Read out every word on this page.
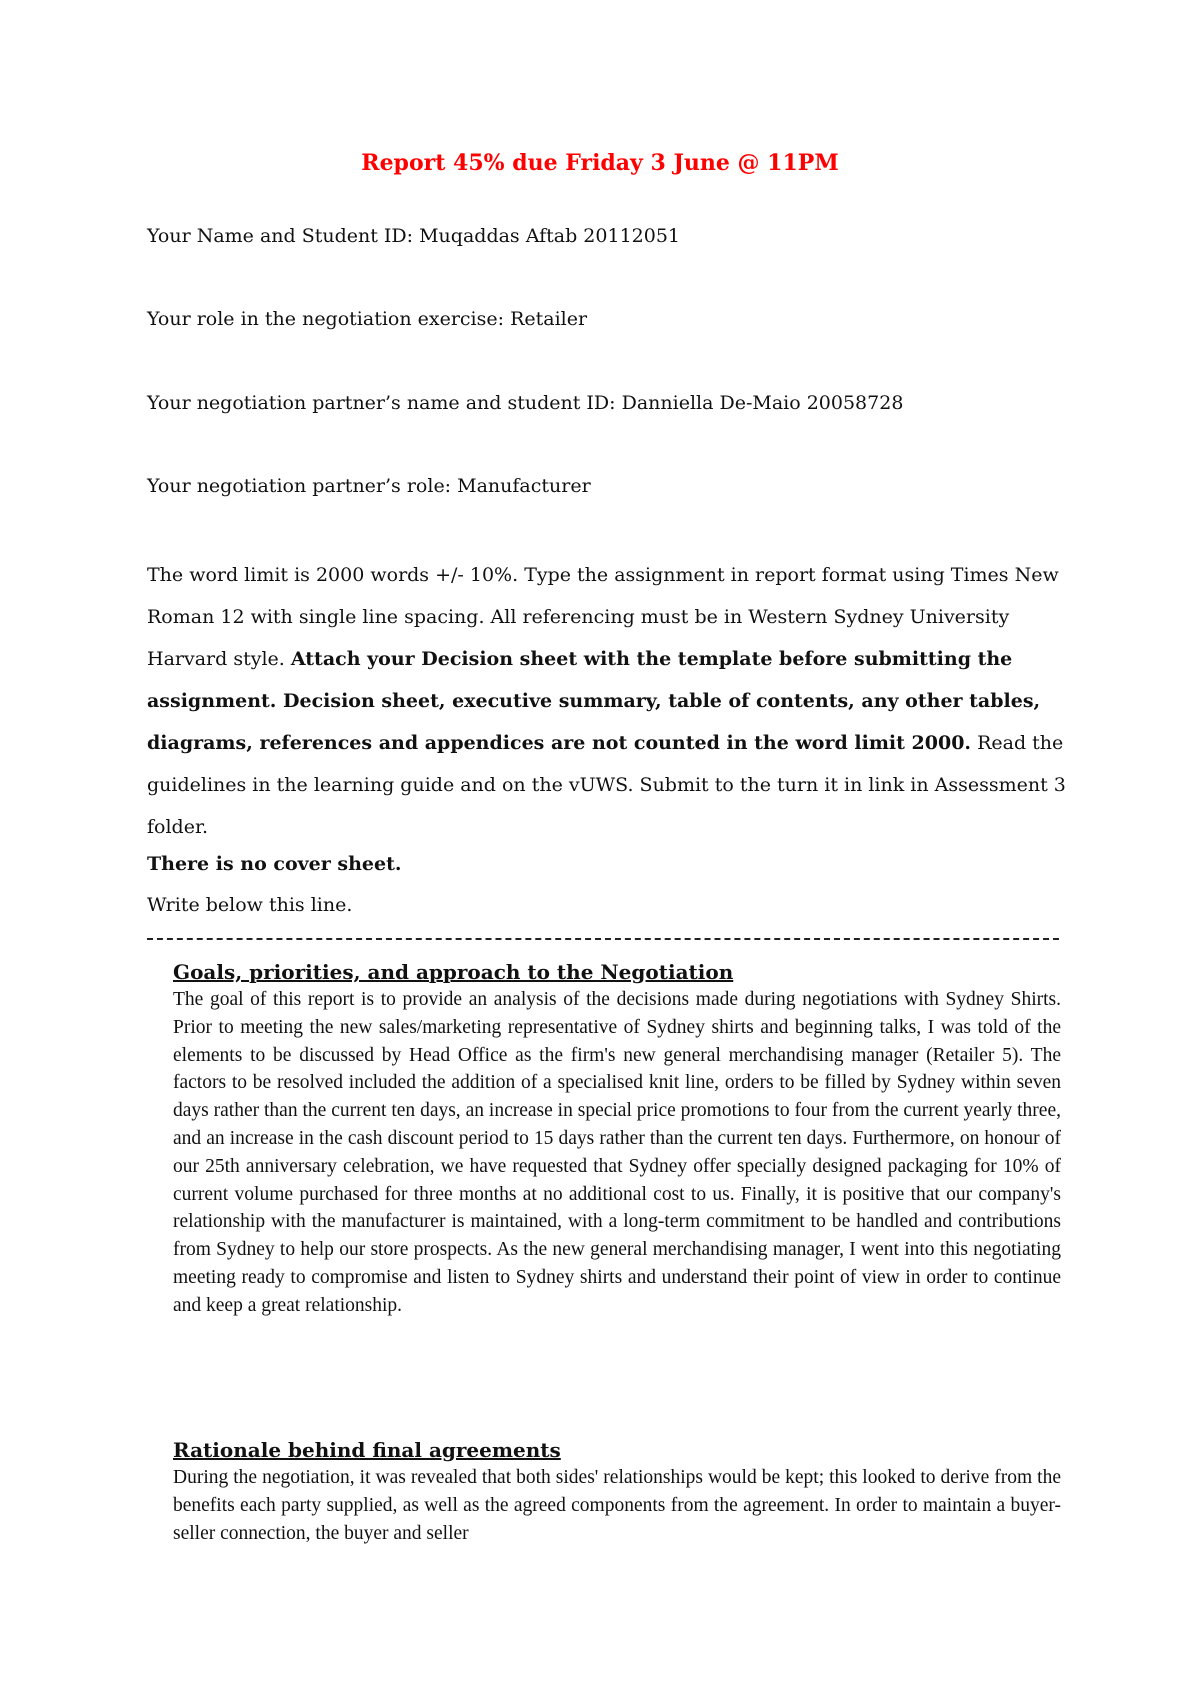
Report 45% due Friday 3 June @ 11PM
Your Name and Student ID: Muqaddas Aftab 20112051
Your role in the negotiation exercise: Retailer
Your negotiation partner’s name and student ID: Danniella De-Maio 20058728
Your negotiation partner’s role: Manufacturer
The word limit is 2000 words +/- 10%. Type the assignment in report format using Times New Roman 12 with single line spacing. All referencing must be in Western Sydney University Harvard style. Attach your Decision sheet with the template before submitting the assignment. Decision sheet, executive summary, table of contents, any other tables, diagrams, references and appendices are not counted in the word limit 2000. Read the guidelines in the learning guide and on the vUWS. Submit to the turn it in link in Assessment 3 folder.
There is no cover sheet.
Write below this line.
Goals, priorities, and approach to the Negotiation
The goal of this report is to provide an analysis of the decisions made during negotiations with Sydney Shirts. Prior to meeting the new sales/marketing representative of Sydney shirts and beginning talks, I was told of the elements to be discussed by Head Office as the firm's new general merchandising manager (Retailer 5). The factors to be resolved included the addition of a specialised knit line, orders to be filled by Sydney within seven days rather than the current ten days, an increase in special price promotions to four from the current yearly three, and an increase in the cash discount period to 15 days rather than the current ten days. Furthermore, on honour of our 25th anniversary celebration, we have requested that Sydney offer specially designed packaging for 10% of current volume purchased for three months at no additional cost to us. Finally, it is positive that our company's relationship with the manufacturer is maintained, with a long-term commitment to be handled and contributions from Sydney to help our store prospects. As the new general merchandising manager, I went into this negotiating meeting ready to compromise and listen to Sydney shirts and understand their point of view in order to continue and keep a great relationship.
Rationale behind final agreements
During the negotiation, it was revealed that both sides' relationships would be kept; this looked to derive from the benefits each party supplied, as well as the agreed components from the agreement. In order to maintain a buyer-seller connection, the buyer and seller
